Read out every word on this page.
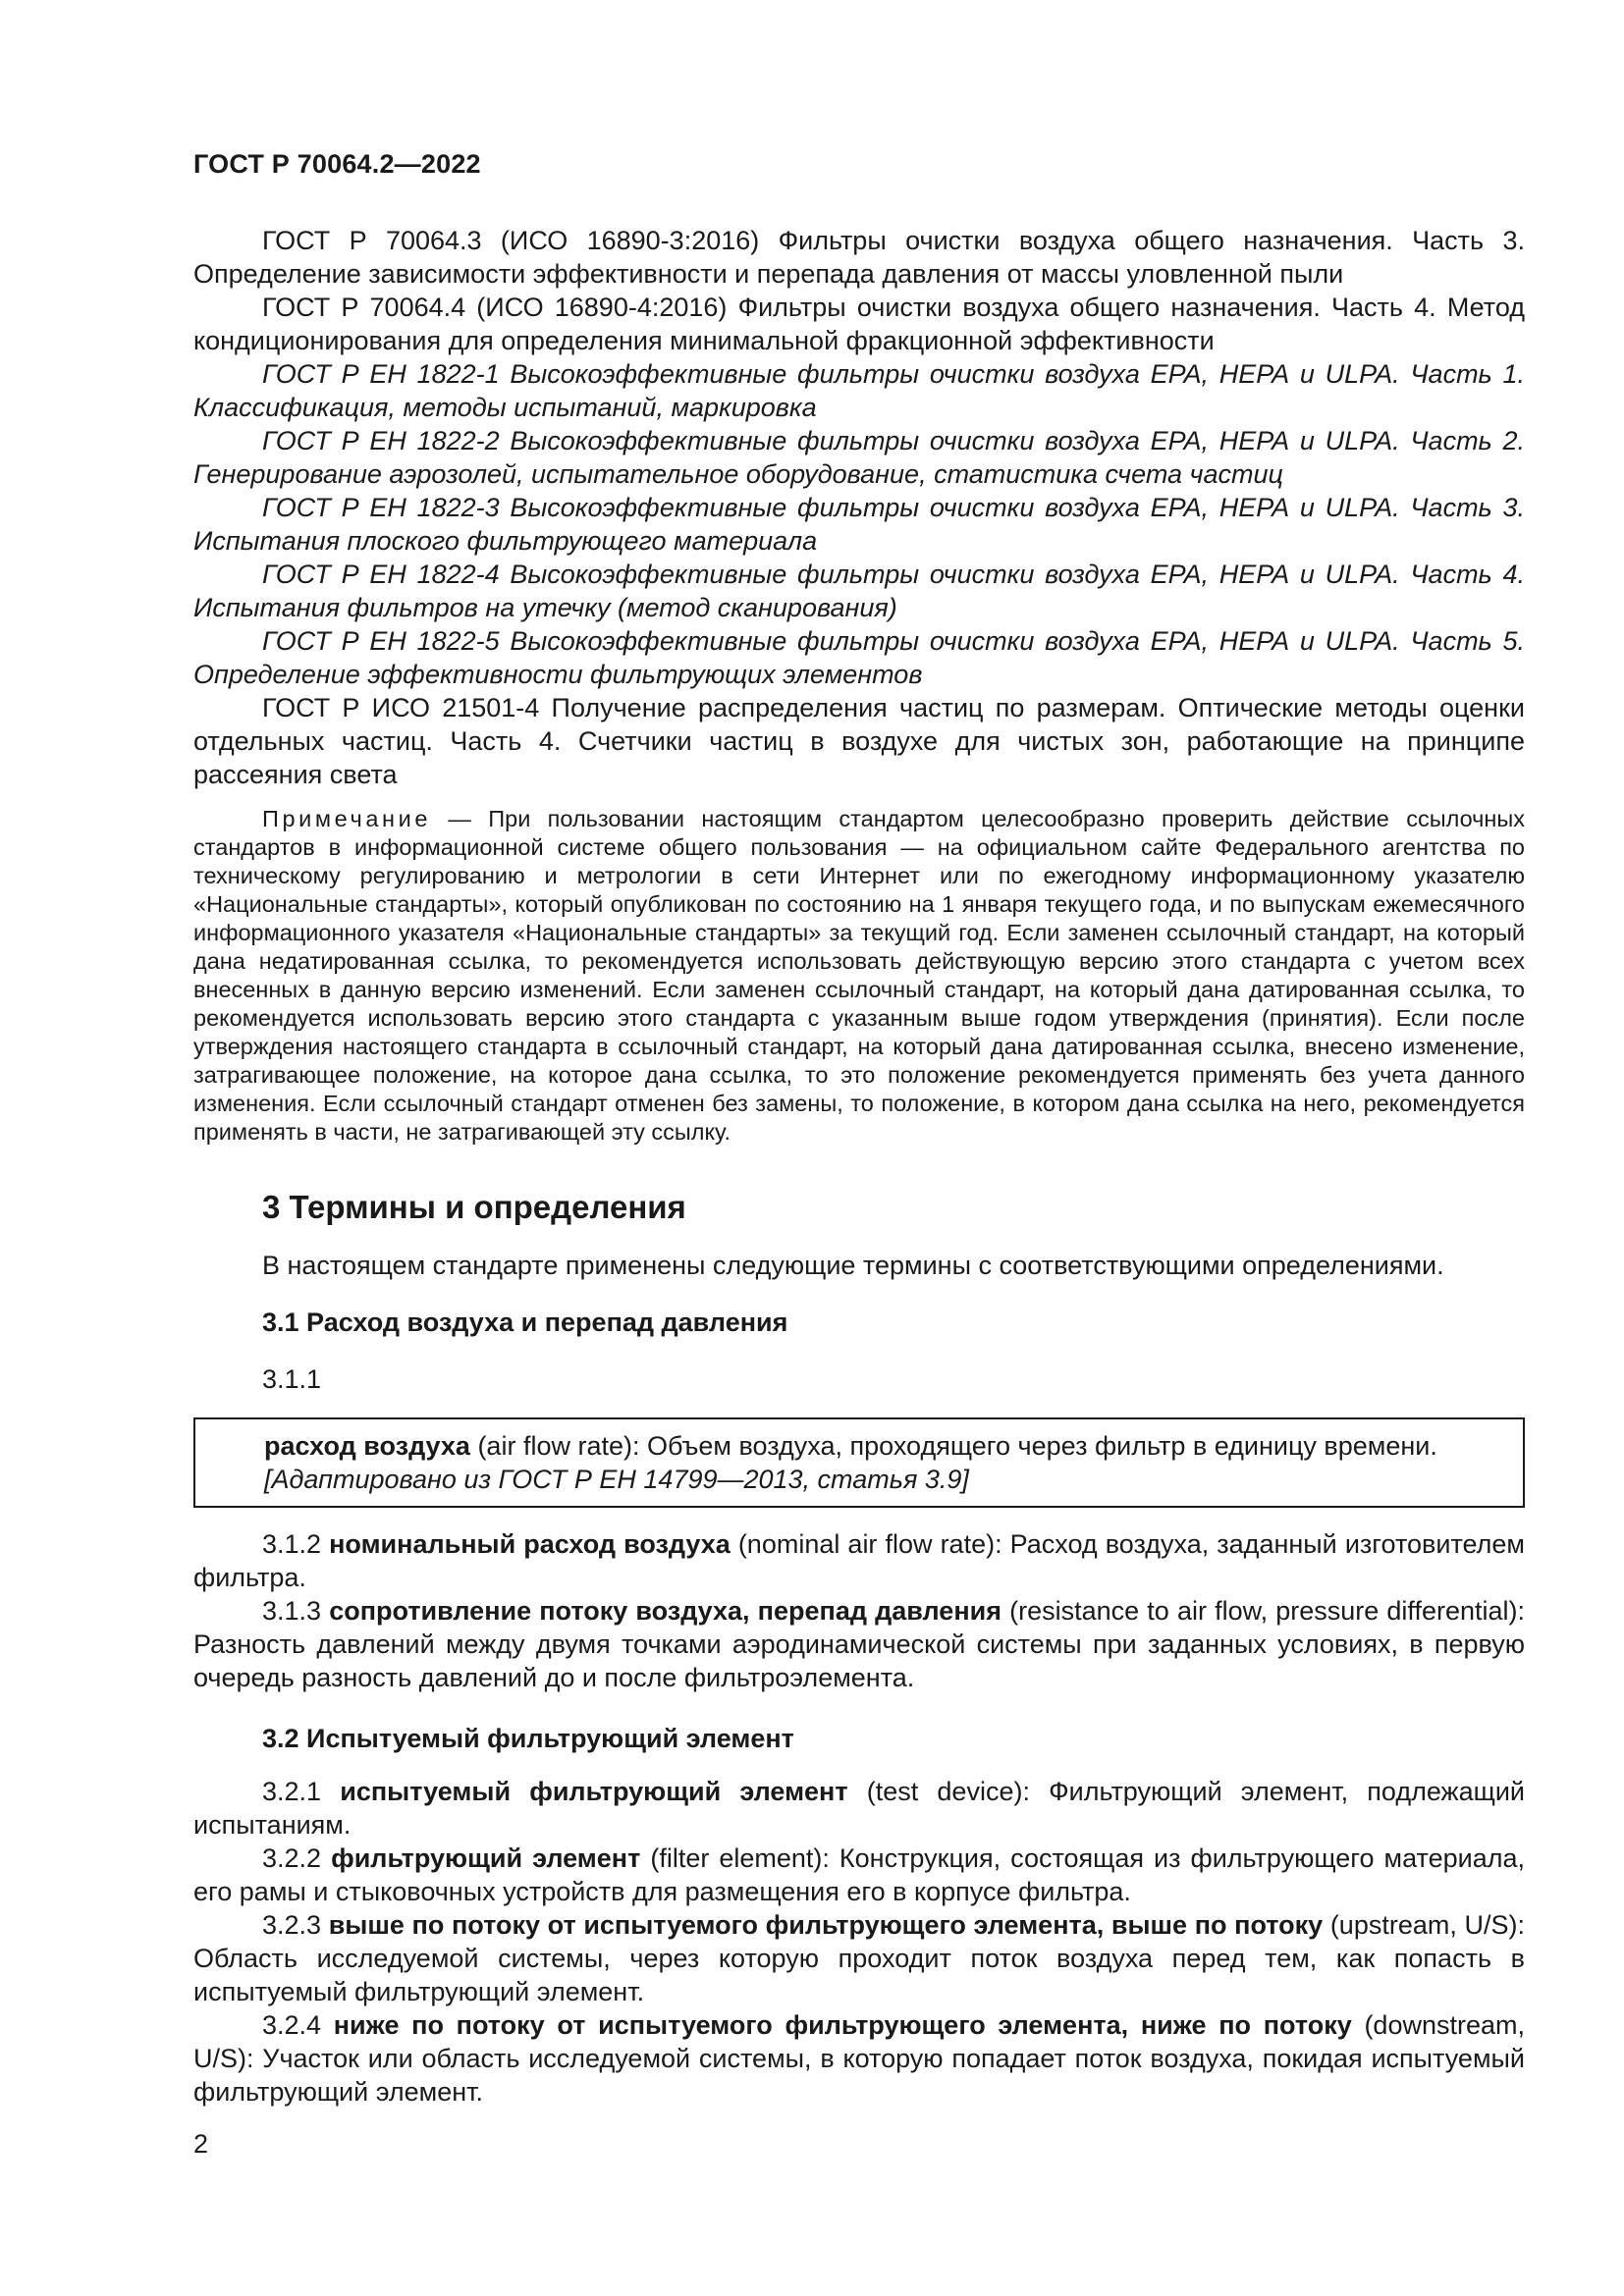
ГОСТ Р 70064.2—2022

ГОСТ Р 70064.3 (ИСО 16890-3:2016) Фильтры очистки воздуха общего назначения. Часть 3. Определение зависимости эффективности и перепада давления от массы уловленной пыли

ГОСТ Р 70064.4 (ИСО 16890-4:2016) Фильтры очистки воздуха общего назначения. Часть 4. Метод кондиционирования для определения минимальной фракционной эффективности

ГОСТ Р ЕН 1822-1 Высокоэффективные фильтры очистки воздуха ЕРА, НЕРА и ULPA. Часть 1. Классификация, методы испытаний, маркировка

ГОСТ Р ЕН 1822-2 Высокоэффективные фильтры очистки воздуха ЕРА, НЕРА и ULPA. Часть 2. Генерирование аэрозолей, испытательное оборудование, статистика счета частиц

ГОСТ Р ЕН 1822-3 Высокоэффективные фильтры очистки воздуха ЕРА, НЕРА и ULPA. Часть 3. Испытания плоского фильтрующего материала

ГОСТ Р ЕН 1822-4 Высокоэффективные фильтры очистки воздуха ЕРА, НЕРА и ULPA. Часть 4. Испытания фильтров на утечку (метод сканирования)

ГОСТ Р ЕН 1822-5 Высокоэффективные фильтры очистки воздуха ЕРА, НЕРА и ULPA. Часть 5. Определение эффективности фильтрующих элементов

ГОСТ Р ИСО 21501-4 Получение распределения частиц по размерам. Оптические методы оценки отдельных частиц. Часть 4. Счетчики частиц в воздухе для чистых зон, работающие на принципе рассеяния света

Примечание — При пользовании настоящим стандартом целесообразно проверить действие ссылочных стандартов в информационной системе общего пользования — на официальном сайте Федерального агентства по техническому регулированию и метрологии в сети Интернет или по ежегодному информационному указателю «Национальные стандарты», который опубликован по состоянию на 1 января текущего года, и по выпускам ежемесячного информационного указателя «Национальные стандарты» за текущий год. Если заменен ссылочный стандарт, на который дана недатированная ссылка, то рекомендуется использовать действующую версию этого стандарта с учетом всех внесенных в данную версию изменений. Если заменен ссылочный стандарт, на который дана датированная ссылка, то рекомендуется использовать версию этого стандарта с указанным выше годом утверждения (принятия). Если после утверждения настоящего стандарта в ссылочный стандарт, на который дана датированная ссылка, внесено изменение, затрагивающее положение, на которое дана ссылка, то это положение рекомендуется применять без учета данного изменения. Если ссылочный стандарт отменен без замены, то положение, в котором дана ссылка на него, рекомендуется применять в части, не затрагивающей эту ссылку.

3 Термины и определения
В настоящем стандарте применены следующие термины с соответствующими определениями.
3.1 Расход воздуха и перепад давления
3.1.1
расход воздуха (air flow rate): Объем воздуха, проходящего через фильтр в единицу времени.
[Адаптировано из ГОСТ Р ЕН 14799—2013, статья 3.9]

3.1.2 номинальный расход воздуха (nominal air flow rate): Расход воздуха, заданный изготовителем фильтра.

3.1.3 сопротивление потоку воздуха, перепад давления (resistance to air flow, pressure differential): Разность давлений между двумя точками аэродинамической системы при заданных условиях, в первую очередь разность давлений до и после фильтроэлемента.

3.2 Испытуемый фильтрующий элемент

3.2.1 испытуемый фильтрующий элемент (test device): Фильтрующий элемент, подлежащий испытаниям.

3.2.2 фильтрующий элемент (filter element): Конструкция, состоящая из фильтрующего материала, его рамы и стыковочных устройств для размещения его в корпусе фильтра.

3.2.3 выше по потоку от испытуемого фильтрующего элемента, выше по потоку (upstream, U/S): Область исследуемой системы, через которую проходит поток воздуха перед тем, как попасть в испытуемый фильтрующий элемент.

3.2.4 ниже по потоку от испытуемого фильтрующего элемента, ниже по потоку (downstream, U/S): Участок или область исследуемой системы, в которую попадает поток воздуха, покидая испытуемый фильтрующий элемент.

2
